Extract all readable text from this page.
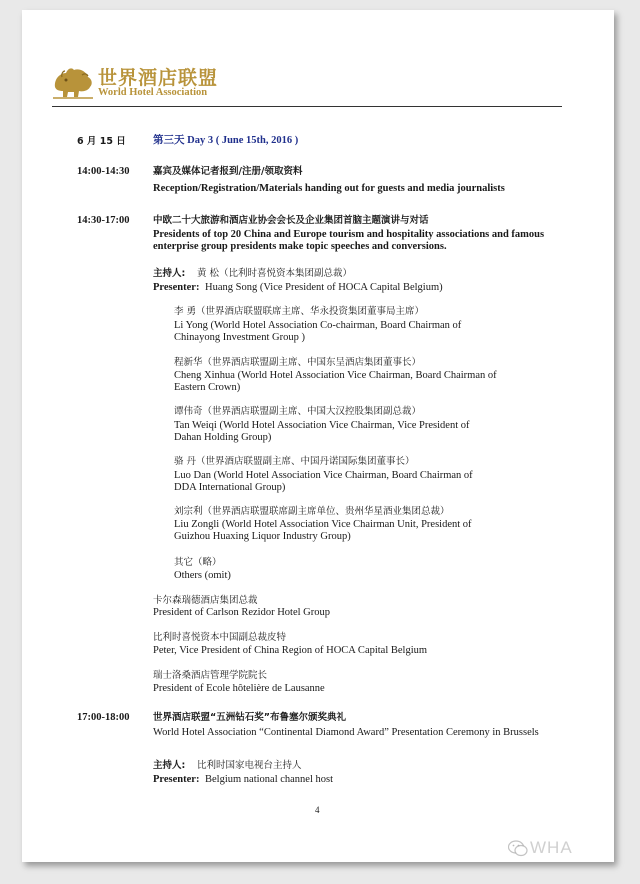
世界酒店联盟
World Hotel Association
6 月 15 日	第三天 Day 3 ( June 15th, 2016 )
14:00-14:30 嘉宾及媒体记者报到/注册/领取资料
Reception/Registration/Materials handing out for guests and media journalists
14:30-17:00 中欧二十大旅游和酒店业协会会长及企业集团首脑主题演讲与对话
Presidents of top 20 China and Europe tourism and hospitality associations and famous
enterprise group presidents make topic speeches and conversions.
主持人: 黄 松（比利时喜悦资本集团副总裁）
Presenter: Huang Song (Vice President of HOCA Capital Belgium)
李 勇（世界酒店联盟联席主席、华永投资集团董事局主席）
Li Yong (World Hotel Association Co-chairman, Board Chairman of
Chinayong Investment Group )
程新华（世界酒店联盟副主席、中国东呈酒店集团董事长）
Cheng Xinhua (World Hotel Association Vice Chairman, Board Chairman of
Eastern Crown)
谭伟奇（世界酒店联盟副主席、中国大汉控股集团副总裁）
Tan Weiqi (World Hotel Association Vice Chairman, Vice President of
Dahan Holding Group)
骆 丹（世界酒店联盟副主席、中国丹诺国际集团董事长）
Luo Dan (World Hotel Association Vice Chairman, Board Chairman of
DDA International Group)
刘宗利（世界酒店联盟联席副主席单位、贵州华星酒业集团总裁）
Liu Zongli (World Hotel Association Vice Chairman Unit, President of
Guizhou Huaxing Liquor Industry Group)
其它（略）
Others (omit)
卡尔森瑞德酒店集团总裁
President of Carlson Rezidor Hotel Group
比利时喜悦资本中国副总裁皮特
Peter, Vice President of China Region of HOCA Capital Belgium
瑞士洛桑酒店管理学院院长
President of Ecole hôtelière de Lausanne
17:00-18:00 世界酒店联盟“五洲钻石奖”布鲁塞尔颁奖典礼
World Hotel Association “Continental Diamond Award” Presentation Ceremony in Brussels
主持人: 比利时国家电视台主持人
Presenter: Belgium national channel host
4
WHA
